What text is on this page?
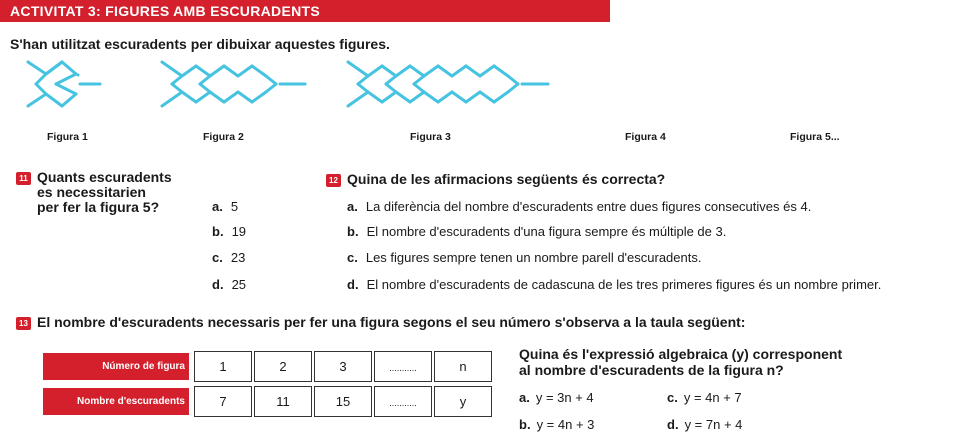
ACTIVITAT 3: FIGURES AMB ESCURADENTS
S'han utilitzat escuradents per dibuixar aquestes figures.
Figura 1	Figura 2	Figura 3	Figura 4	Figura 5...
11 Quants escuradents
es necessitarien
per fer la figura 5?	a. 5
b. 19
c. 23
d. 25
12 Quina de les afirmacions següents és correcta?
a. La diferència del nombre d'escuradents entre dues figures consecutives és 4.
b. El nombre d'escuradents d'una figura sempre és múltiple de 3.
c. Les figures sempre tenen un nombre parell d'escuradents.
d. El nombre d'escuradents de cadascuna de les tres primeres figures és un nombre primer.
13 El nombre d'escuradents necessaris per fer una figura segons el seu número s'observa a la taula següent:
Número de figura	1	2	3	...........	n
Nombre d'escuradents	7	11	15	...........	y
Quina és l'expressió algebraica (y) corresponent
al nombre d'escuradents de la figura n?
a. y = 3n + 4
b. y = 4n + 3
c. y = 4n + 7
d. y = 7n + 4
